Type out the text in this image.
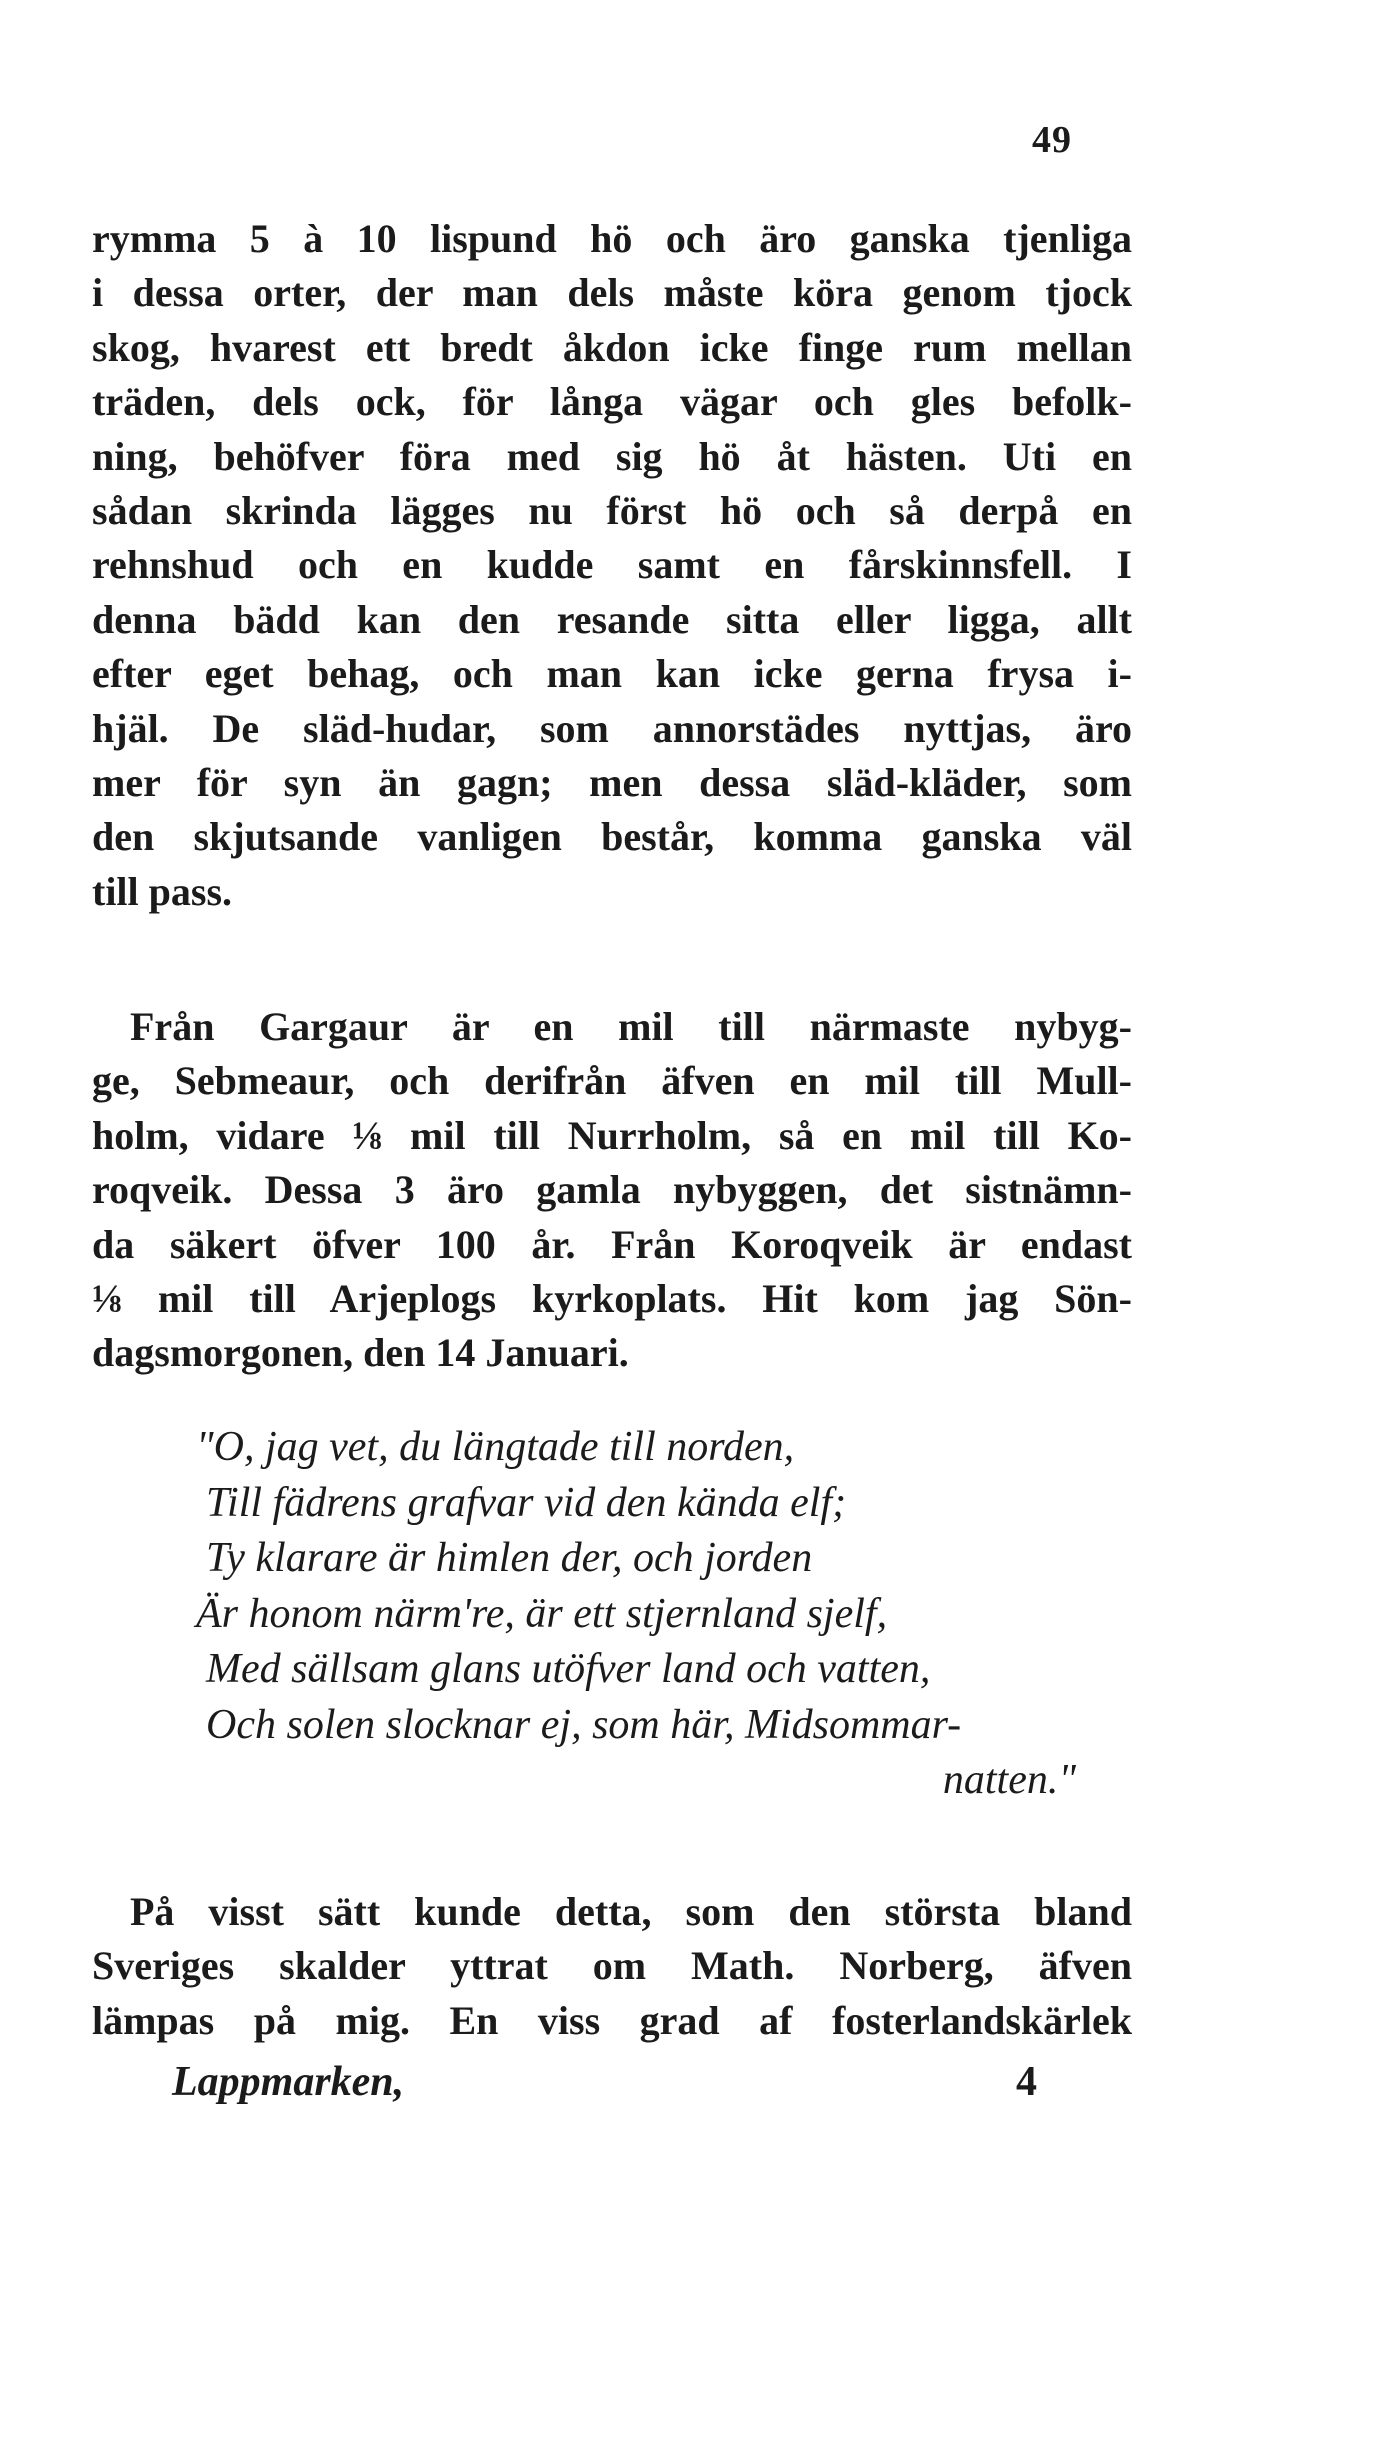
49
rymma 5 à 10 lispund hö och äro ganska tjenliga
i dessa orter, der man dels måste köra genom tjock
skog, hvarest ett bredt åkdon icke finge rum mellan
träden, dels ock, för långa vägar och gles befolk-
ning, behöfver föra med sig hö åt hästen. Uti en
sådan skrinda lägges nu först hö och så derpå en
rehnshud och en kudde samt en fårskinnsfell. I
denna bädd kan den resande sitta eller ligga, allt
efter eget behag, och man kan icke gerna frysa i-
hjäl. De släd-hudar, som annorstädes nyttjas, äro
mer för syn än gagn; men dessa släd-kläder, som
den skjutsande vanligen består, komma ganska väl
till pass.
Från Gargaur är en mil till närmaste nybyg-
ge, Sebmeaur, och derifrån äfven en mil till Mull-
holm, vidare ⅛ mil till Nurrholm, så en mil till Ko-
roqveik. Dessa 3 äro gamla nybyggen, det sistnämn-
da säkert öfver 100 år. Från Koroqveik är endast
⅛ mil till Arjeplogs kyrkoplats. Hit kom jag Sön-
dagsmorgonen, den 14 Januari.
"O, jag vet, du längtade till norden,
Till fädrens grafvar vid den kända elf;
Ty klarare är himlen der, och jorden
Är honom närm're, är ett stjernland sjelf,
Med sällsam glans utöfver land och vatten,
Och solen slocknar ej, som här, Midsommar-
natten."
På visst sätt kunde detta, som den största bland
Sveriges skalder yttrat om Math. Norberg, äfven
lämpas på mig. En viss grad af fosterlandskärlek
Lappmarken,	4
